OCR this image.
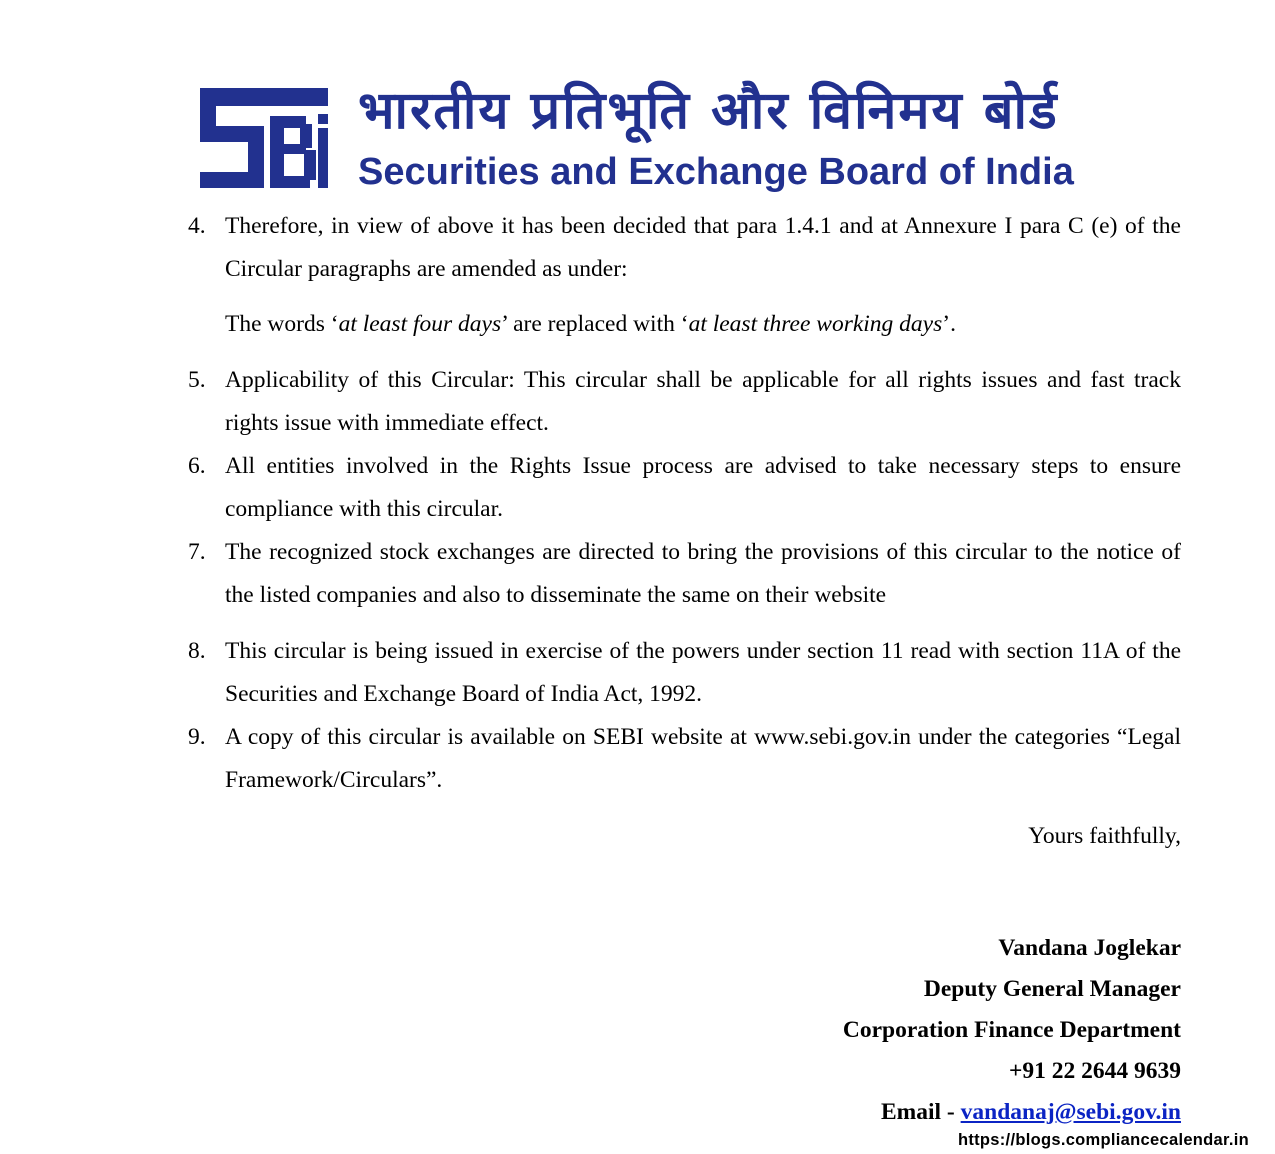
भारतीय प्रतिभूति और विनिमय बोर्ड
Securities and Exchange Board of India
4. Therefore, in view of above it has been decided that para 1.4.1 and at Annexure I para C (e) of the Circular paragraphs are amended as under:
The words ‘at least four days’ are replaced with ‘at least three working days’.
5. Applicability of this Circular: This circular shall be applicable for all rights issues and fast track rights issue with immediate effect.
6. All entities involved in the Rights Issue process are advised to take necessary steps to ensure compliance with this circular.
7. The recognized stock exchanges are directed to bring the provisions of this circular to the notice of the listed companies and also to disseminate the same on their website
8. This circular is being issued in exercise of the powers under section 11 read with section 11A of the Securities and Exchange Board of India Act, 1992.
9. A copy of this circular is available on SEBI website at www.sebi.gov.in under the categories “Legal Framework/Circulars”.
Yours faithfully,
Vandana Joglekar
Deputy General Manager
Corporation Finance Department
+91 22 2644 9639
Email - vandanaj@sebi.gov.in
https://blogs.compliancecalendar.in
